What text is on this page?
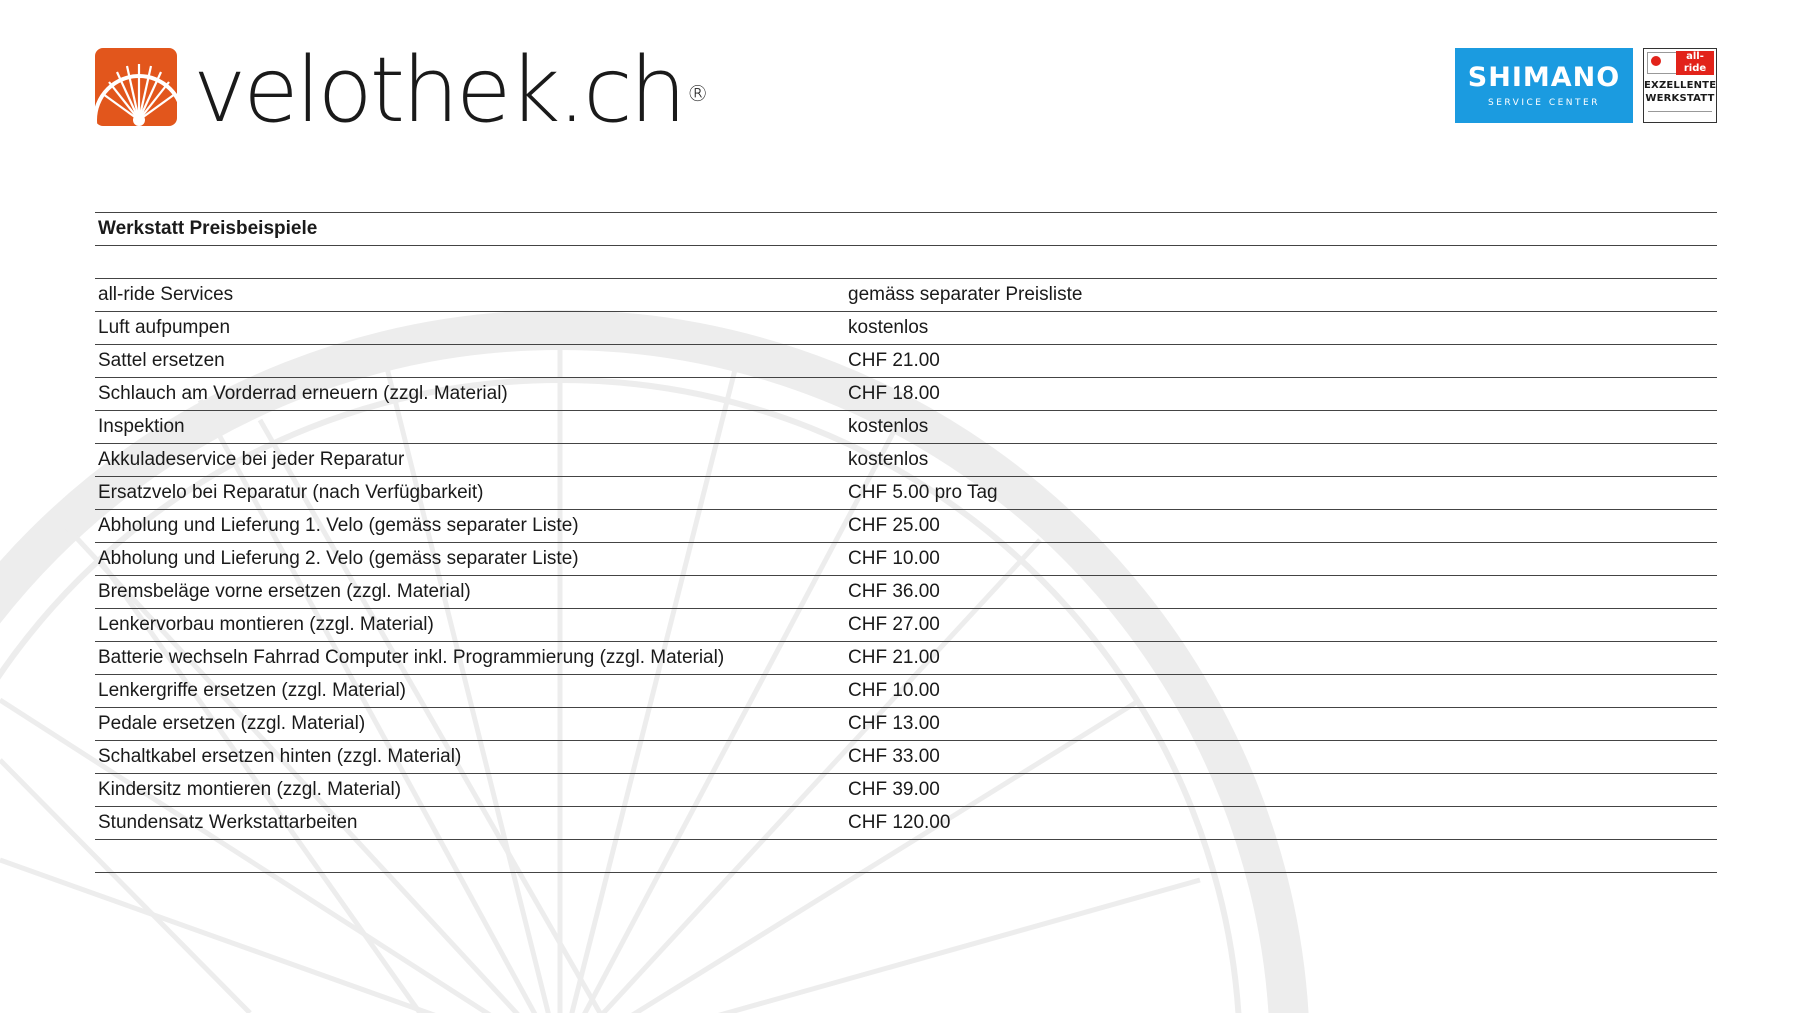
velothek.ch ®
SHIMANO
SERVICE CENTER
all-ride
EXZELLENTE
WERKSTATT

Werkstatt Preisbeispiele
all-ride Services	gemäss separater Preisliste
Luft aufpumpen	kostenlos
Sattel ersetzen	CHF 21.00
Schlauch am Vorderrad erneuern (zzgl. Material)	CHF 18.00
Inspektion	kostenlos
Akkuladeservice bei jeder Reparatur	kostenlos
Ersatzvelo bei Reparatur (nach Verfügbarkeit)	CHF 5.00 pro Tag
Abholung und Lieferung 1. Velo (gemäss separater Liste)	CHF 25.00
Abholung und Lieferung 2. Velo (gemäss separater Liste)	CHF 10.00
Bremsbeläge vorne ersetzen (zzgl. Material)	CHF 36.00
Lenkervorbau montieren (zzgl. Material)	CHF 27.00
Batterie wechseln Fahrrad Computer inkl. Programmierung (zzgl. Material)	CHF 21.00
Lenkergriffe ersetzen (zzgl. Material)	CHF 10.00
Pedale ersetzen (zzgl. Material)	CHF 13.00
Schaltkabel ersetzen hinten (zzgl. Material)	CHF 33.00
Kindersitz montieren (zzgl. Material)	CHF 39.00
Stundensatz Werkstattarbeiten	CHF 120.00
